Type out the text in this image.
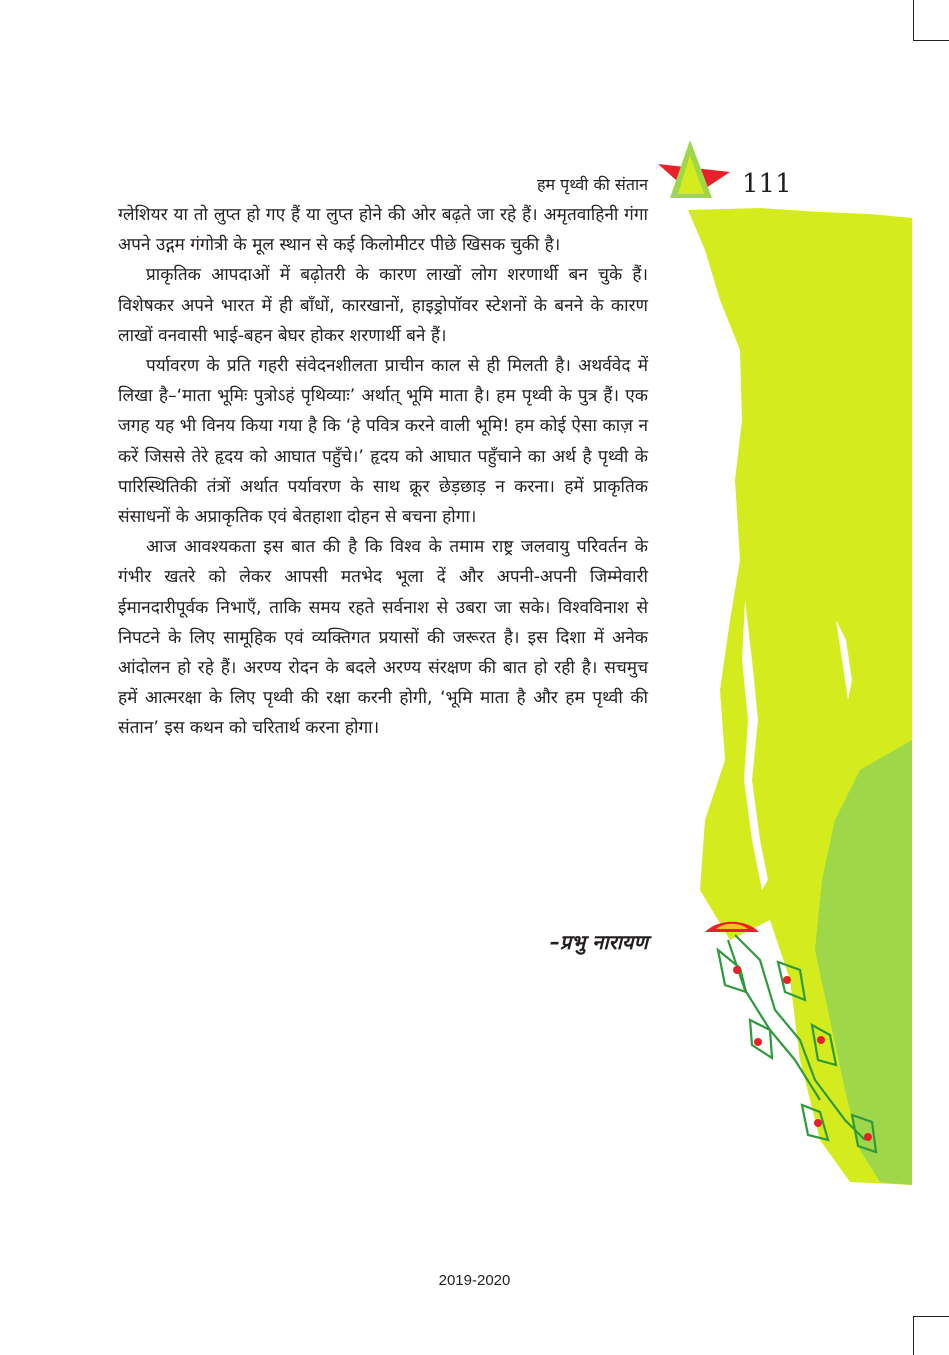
हम पृथ्वी की संतान	111

ग्लेशियर या तो लुप्त हो गए हैं या लुप्त होने की ओर बढ़ते जा रहे हैं। अमृतवाहिनी गंगा अपने उद्गम गंगोत्री के मूल स्थान से कई किलोमीटर पीछे खिसक चुकी है।

प्राकृतिक आपदाओं में बढ़ोतरी के कारण लाखों लोग शरणार्थी बन चुके हैं। विशेषकर अपने भारत में ही बाँधों, कारखानों, हाइड्रोपॉवर स्टेशनों के बनने के कारण लाखों वनवासी भाई-बहन बेघर होकर शरणार्थी बने हैं।

पर्यावरण के प्रति गहरी संवेदनशीलता प्राचीन काल से ही मिलती है। अथर्ववेद में लिखा है–‘माता भूमिः पुत्रोऽहं पृथिव्याः’ अर्थात् भूमि माता है। हम पृथ्वी के पुत्र हैं। एक जगह यह भी विनय किया गया है कि ‘हे पवित्र करने वाली भूमि! हम कोई ऐसा काज़ न करें जिससे तेरे हृदय को आघात पहुँचे।’ हृदय को आघात पहुँचाने का अर्थ है पृथ्वी के पारिस्थितिकी तंत्रों अर्थात पर्यावरण के साथ क्रूर छेड़छाड़ न करना। हमें प्राकृतिक संसाधनों के अप्राकृतिक एवं बेतहाशा दोहन से बचना होगा।

आज आवश्यकता इस बात की है कि विश्व के तमाम राष्ट्र जलवायु परिवर्तन के गंभीर खतरे को लेकर आपसी मतभेद भूला दें और अपनी-अपनी जिम्मेवारी ईमानदारीपूर्वक निभाएँ, ताकि समय रहते सर्वनाश से उबरा जा सके। विश्वविनाश से निपटने के लिए सामूहिक एवं व्यक्तिगत प्रयासों की जरूरत है। इस दिशा में अनेक आंदोलन हो रहे हैं। अरण्य रोदन के बदले अरण्य संरक्षण की बात हो रही है। सचमुच हमें आत्मरक्षा के लिए पृथ्वी की रक्षा करनी होगी, ‘भूमि माता है और हम पृथ्वी की संतान’ इस कथन को चरितार्थ करना होगा।

–प्रभु नारायण
2019-2020
